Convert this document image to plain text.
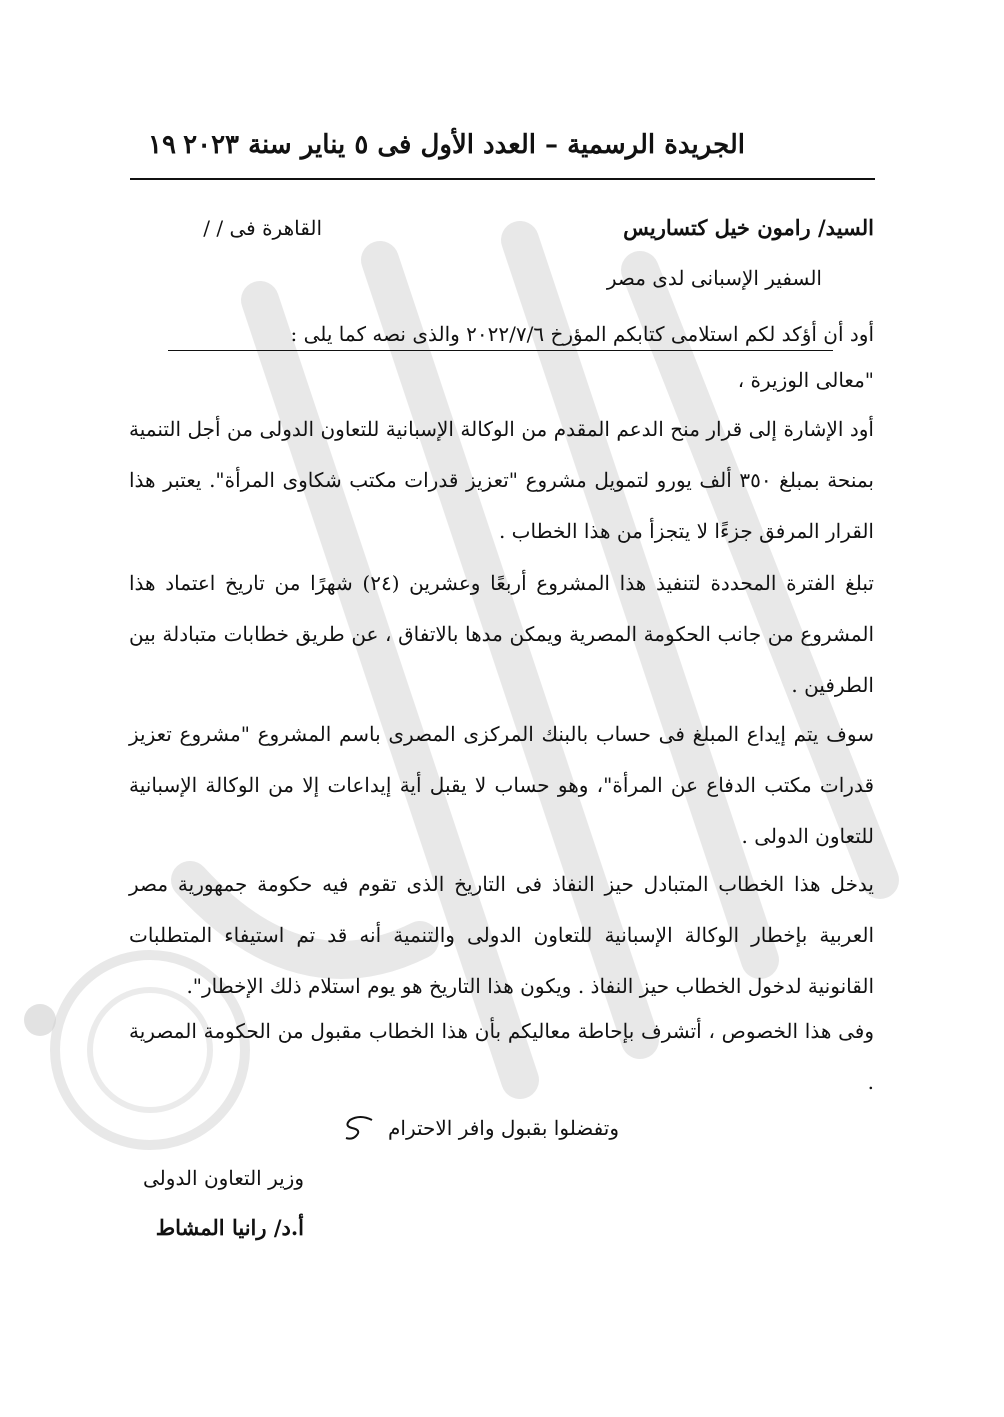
الجريدة الرسمية – العدد الأول فى ٥ يناير سنة ٢٠٢٣
١٩
السيد/ رامون خيل كتساريس
القاهرة فى / /
السفير الإسبانى لدى مصر
أود أن أؤكد لكم استلامى كتابكم المؤرخ ٢٠٢٢/٧/٦ والذى نصه كما يلى :
"معالى الوزيرة ،
أود الإشارة إلى قرار منح الدعم المقدم من الوكالة الإسبانية للتعاون الدولى من أجل التنمية بمنحة بمبلغ ٣٥٠ ألف يورو لتمويل مشروع "تعزيز قدرات مكتب شكاوى المرأة". يعتبر هذا القرار المرفق جزءًا لا يتجزأ من هذا الخطاب .
تبلغ الفترة المحددة لتنفيذ هذا المشروع أربعًا وعشرين (٢٤) شهرًا من تاريخ اعتماد هذا المشروع من جانب الحكومة المصرية ويمكن مدها بالاتفاق ، عن طريق خطابات متبادلة بين الطرفين .
سوف يتم إيداع المبلغ فى حساب بالبنك المركزى المصرى باسم المشروع "مشروع تعزيز قدرات مكتب الدفاع عن المرأة"، وهو حساب لا يقبل أية إيداعات إلا من الوكالة الإسبانية للتعاون الدولى .
يدخل هذا الخطاب المتبادل حيز النفاذ فى التاريخ الذى تقوم فيه حكومة جمهورية مصر العربية بإخطار الوكالة الإسبانية للتعاون الدولى والتنمية أنه قد تم استيفاء المتطلبات القانونية لدخول الخطاب حيز النفاذ . ويكون هذا التاريخ هو يوم استلام ذلك الإخطار".
وفى هذا الخصوص ، أتشرف بإحاطة معاليكم بأن هذا الخطاب مقبول من الحكومة المصرية .
وتفضلوا بقبول وافر الاحترام
وزير التعاون الدولى
أ.د/ رانيا المشاط
